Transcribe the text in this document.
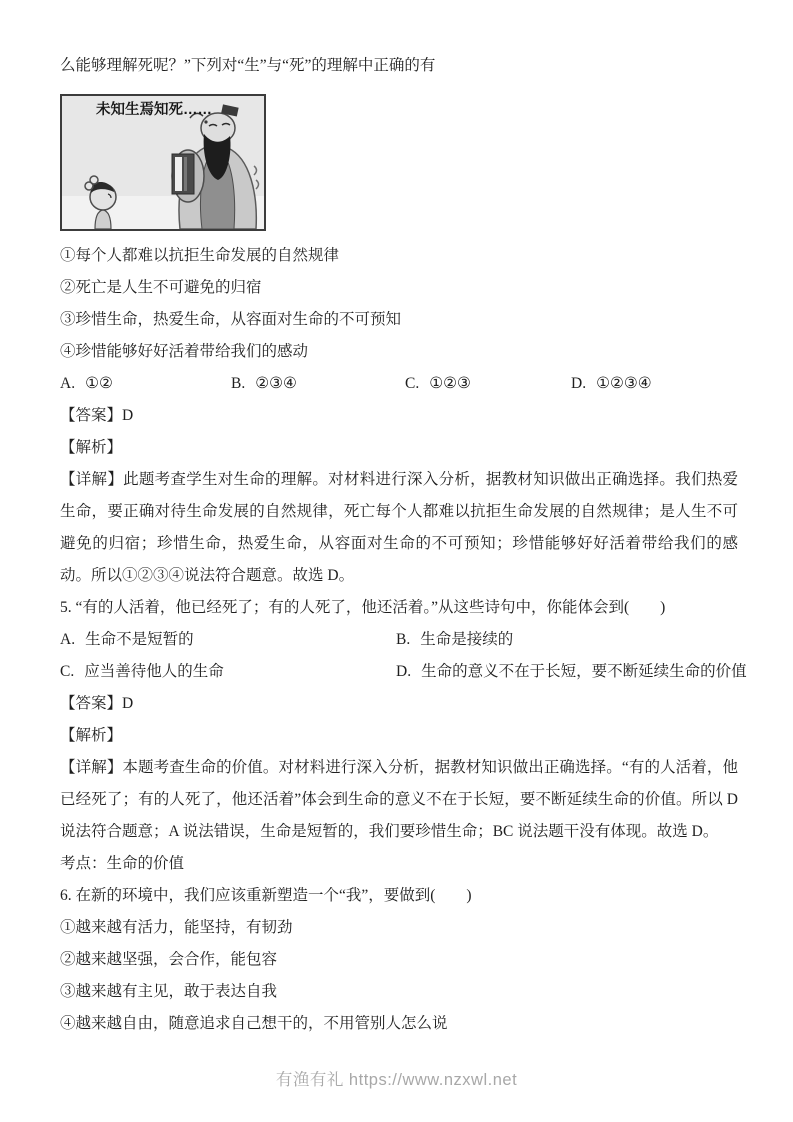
么能够理解死呢？”下列对“生”与“死”的理解中正确的有

未知生焉知死……

①每个人都难以抗拒生命发展的自然规律

②死亡是人生不可避免的归宿

③珍惜生命，热爱生命，从容面对生命的不可预知

④珍惜能够好好活着带给我们的感动

A. ①②	B. ②③④	C. ①②③	D. ①②③④

【答案】D

【解析】

【详解】此题考查学生对生命的理解。对材料进行深入分析，据教材知识做出正确选择。我们热爱生命，要正确对待生命发展的自然规律，死亡每个人都难以抗拒生命发展的自然规律；是人生不可避免的归宿；珍惜生命，热爱生命，从容面对生命的不可预知；珍惜能够好好活着带给我们的感动。所以①②③④说法符合题意。故选 D。

5. “有的人活着，他已经死了；有的人死了，他还活着。”从这些诗句中，你能体会到(　　)

A. 生命不是短暂的	B. 生命是接续的
C. 应当善待他人的生命	D. 生命的意义不在于长短，要不断延续生命的价值

【答案】D

【解析】

【详解】本题考查生命的价值。对材料进行深入分析，据教材知识做出正确选择。“有的人活着，他已经死了；有的人死了，他还活着”体会到生命的意义不在于长短，要不断延续生命的价值。所以 D 说法符合题意；A 说法错误，生命是短暂的，我们要珍惜生命；BC 说法题干没有体现。故选 D。

考点：生命的价值

6. 在新的环境中，我们应该重新塑造一个“我”，要做到(　　)

①越来越有活力，能坚持，有韧劲

②越来越坚强，会合作，能包容

③越来越有主见，敢于表达自我

④越来越自由，随意追求自己想干的，不用管别人怎么说

有渔有礼 https://www.nzxwl.net
